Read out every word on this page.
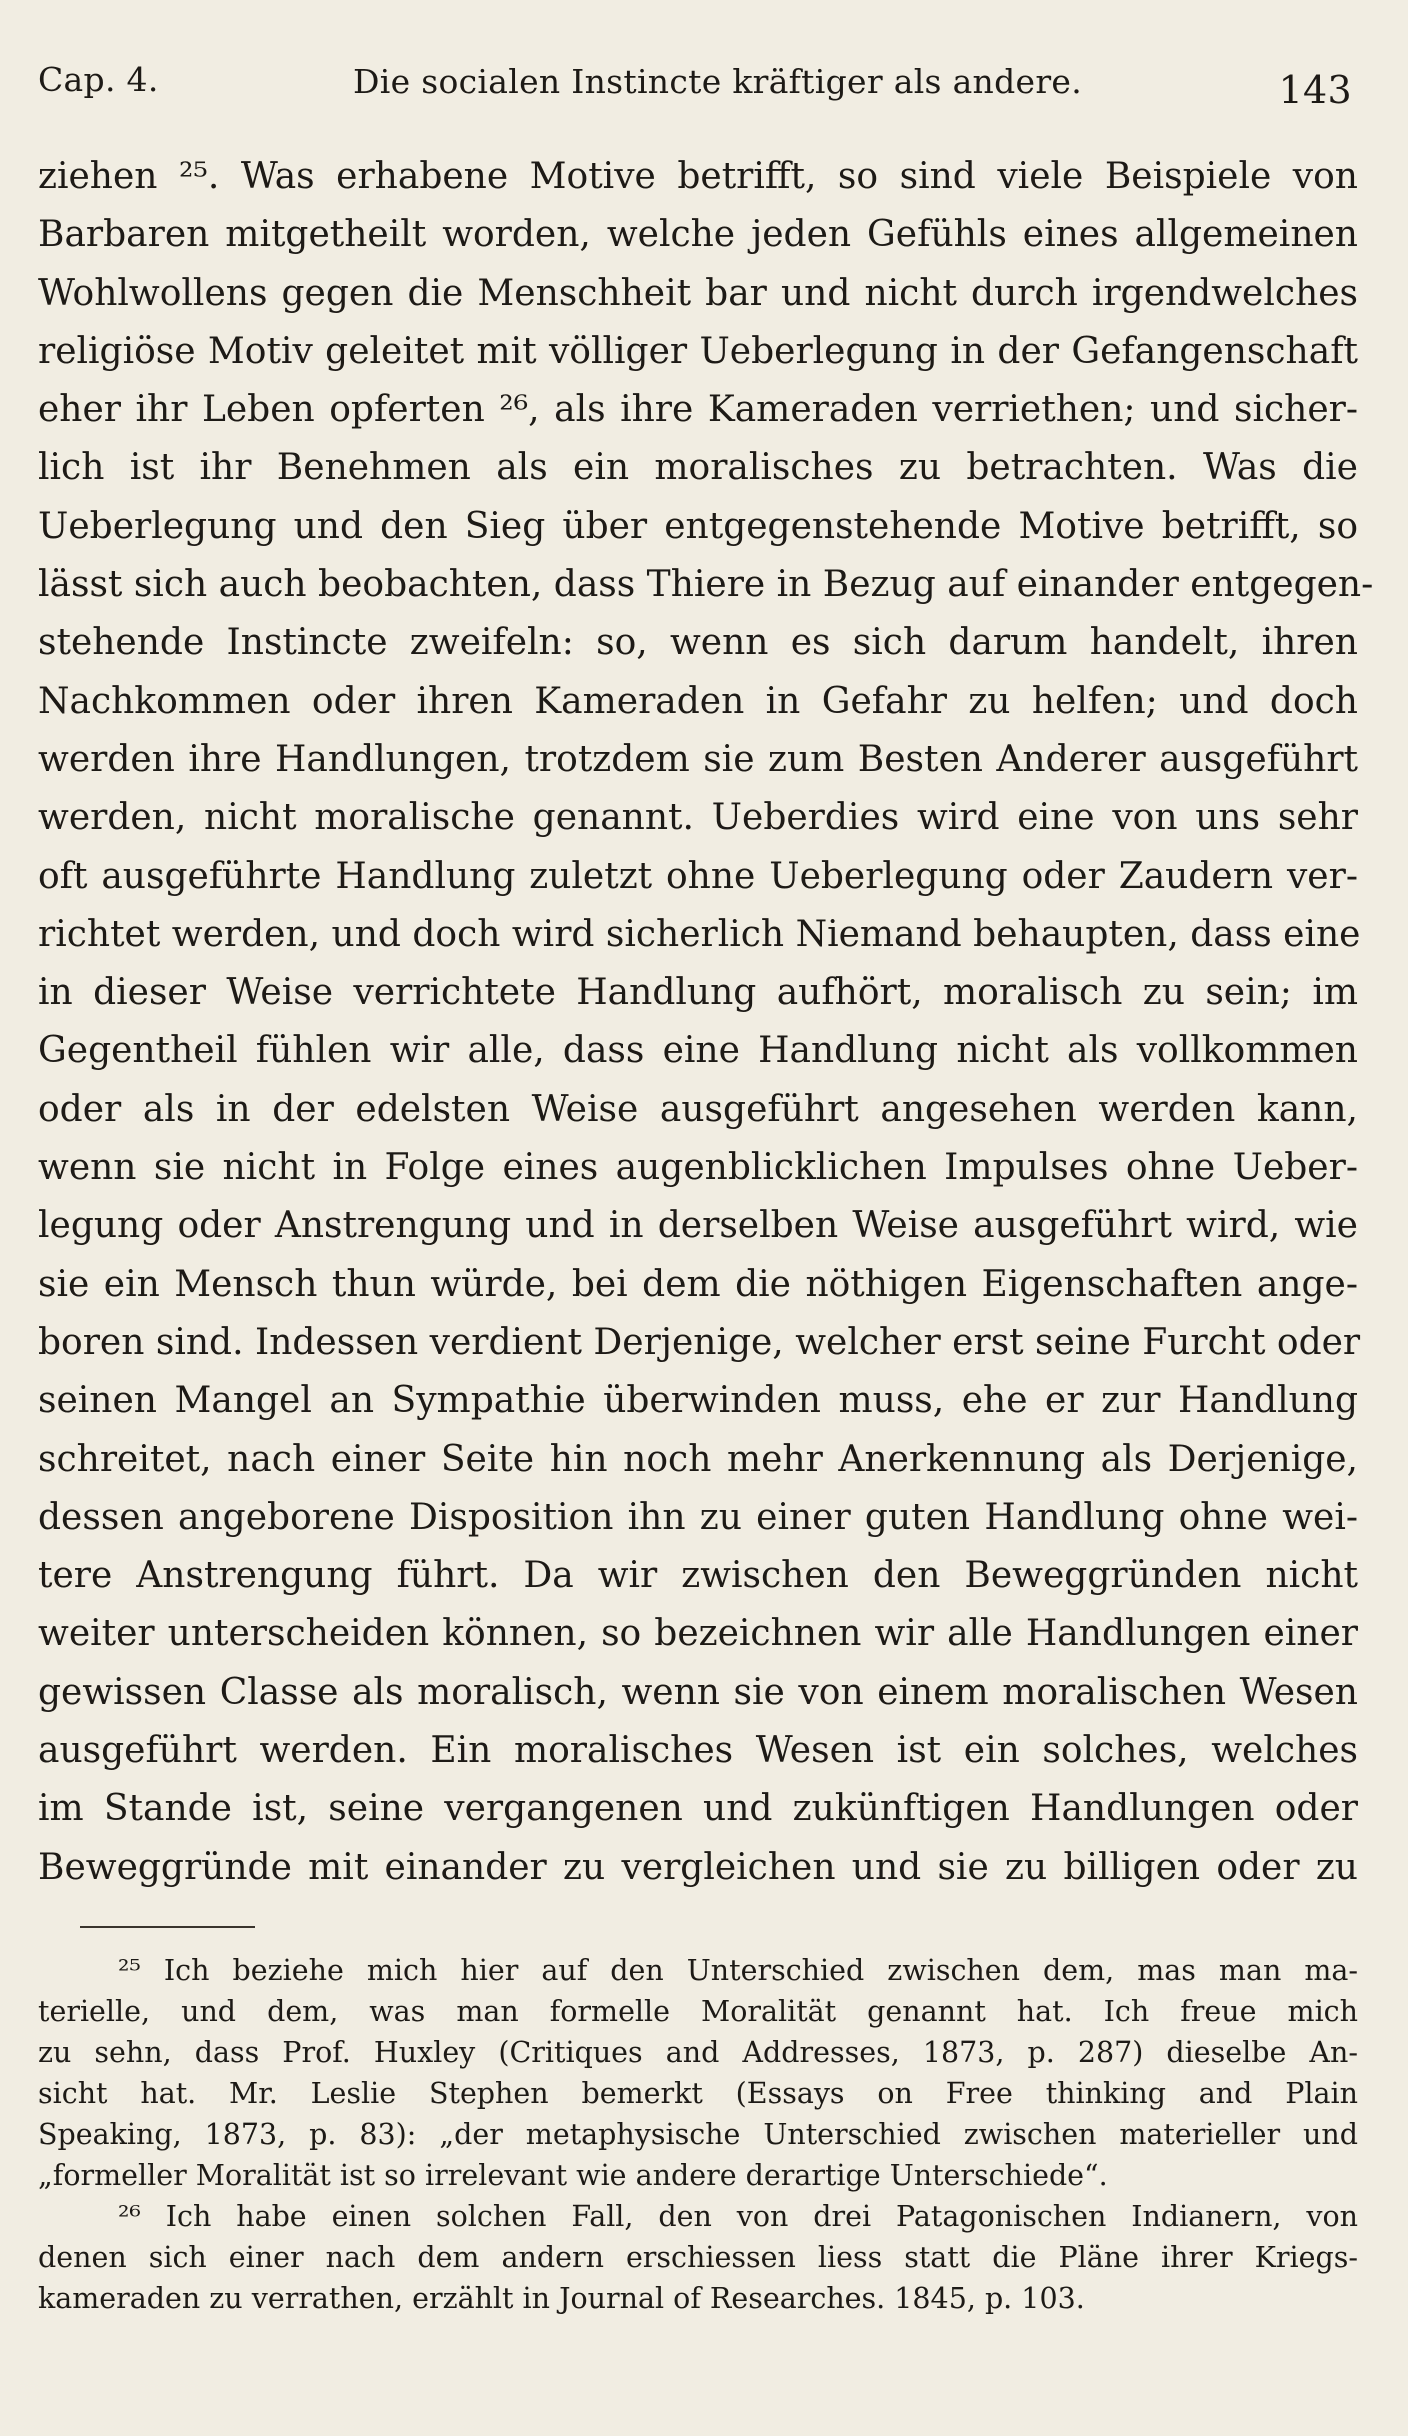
Cap. 4.	Die socialen Instincte kräftiger als andere.	143
ziehen ²⁵. Was erhabene Motive betrifft, so sind viele Beispiele von
Barbaren mitgetheilt worden, welche jeden Gefühls eines allgemeinen
Wohlwollens gegen die Menschheit bar und nicht durch irgendwelches
religiöse Motiv geleitet mit völliger Ueberlegung in der Gefangenschaft
eher ihr Leben opferten ²⁶, als ihre Kameraden verriethen; und sicher-
lich ist ihr Benehmen als ein moralisches zu betrachten. Was die
Ueberlegung und den Sieg über entgegenstehende Motive betrifft, so
lässt sich auch beobachten, dass Thiere in Bezug auf einander entgegen-
stehende Instincte zweifeln: so, wenn es sich darum handelt, ihren
Nachkommen oder ihren Kameraden in Gefahr zu helfen; und doch
werden ihre Handlungen, trotzdem sie zum Besten Anderer ausgeführt
werden, nicht moralische genannt. Ueberdies wird eine von uns sehr
oft ausgeführte Handlung zuletzt ohne Ueberlegung oder Zaudern ver-
richtet werden, und doch wird sicherlich Niemand behaupten, dass eine
in dieser Weise verrichtete Handlung aufhört, moralisch zu sein; im
Gegentheil fühlen wir alle, dass eine Handlung nicht als vollkommen
oder als in der edelsten Weise ausgeführt angesehen werden kann,
wenn sie nicht in Folge eines augenblicklichen Impulses ohne Ueber-
legung oder Anstrengung und in derselben Weise ausgeführt wird, wie
sie ein Mensch thun würde, bei dem die nöthigen Eigenschaften ange-
boren sind. Indessen verdient Derjenige, welcher erst seine Furcht oder
seinen Mangel an Sympathie überwinden muss, ehe er zur Handlung
schreitet, nach einer Seite hin noch mehr Anerkennung als Derjenige,
dessen angeborene Disposition ihn zu einer guten Handlung ohne wei-
tere Anstrengung führt. Da wir zwischen den Beweggründen nicht
weiter unterscheiden können, so bezeichnen wir alle Handlungen einer
gewissen Classe als moralisch, wenn sie von einem moralischen Wesen
ausgeführt werden. Ein moralisches Wesen ist ein solches, welches
im Stande ist, seine vergangenen und zukünftigen Handlungen oder
Beweggründe mit einander zu vergleichen und sie zu billigen oder zu
²⁵ Ich beziehe mich hier auf den Unterschied zwischen dem, mas man ma-
terielle, und dem, was man formelle Moralität genannt hat. Ich freue mich
zu sehn, dass Prof. Huxley (Critiques and Addresses, 1873, p. 287) dieselbe An-
sicht hat. Mr. Leslie Stephen bemerkt (Essays on Free thinking and Plain
Speaking, 1873, p. 83): „der metaphysische Unterschied zwischen materieller und
„formeller Moralität ist so irrelevant wie andere derartige Unterschiede“.
²⁶ Ich habe einen solchen Fall, den von drei Patagonischen Indianern, von
denen sich einer nach dem andern erschiessen liess statt die Pläne ihrer Kriegs-
kameraden zu verrathen, erzählt in Journal of Researches. 1845, p. 103.
